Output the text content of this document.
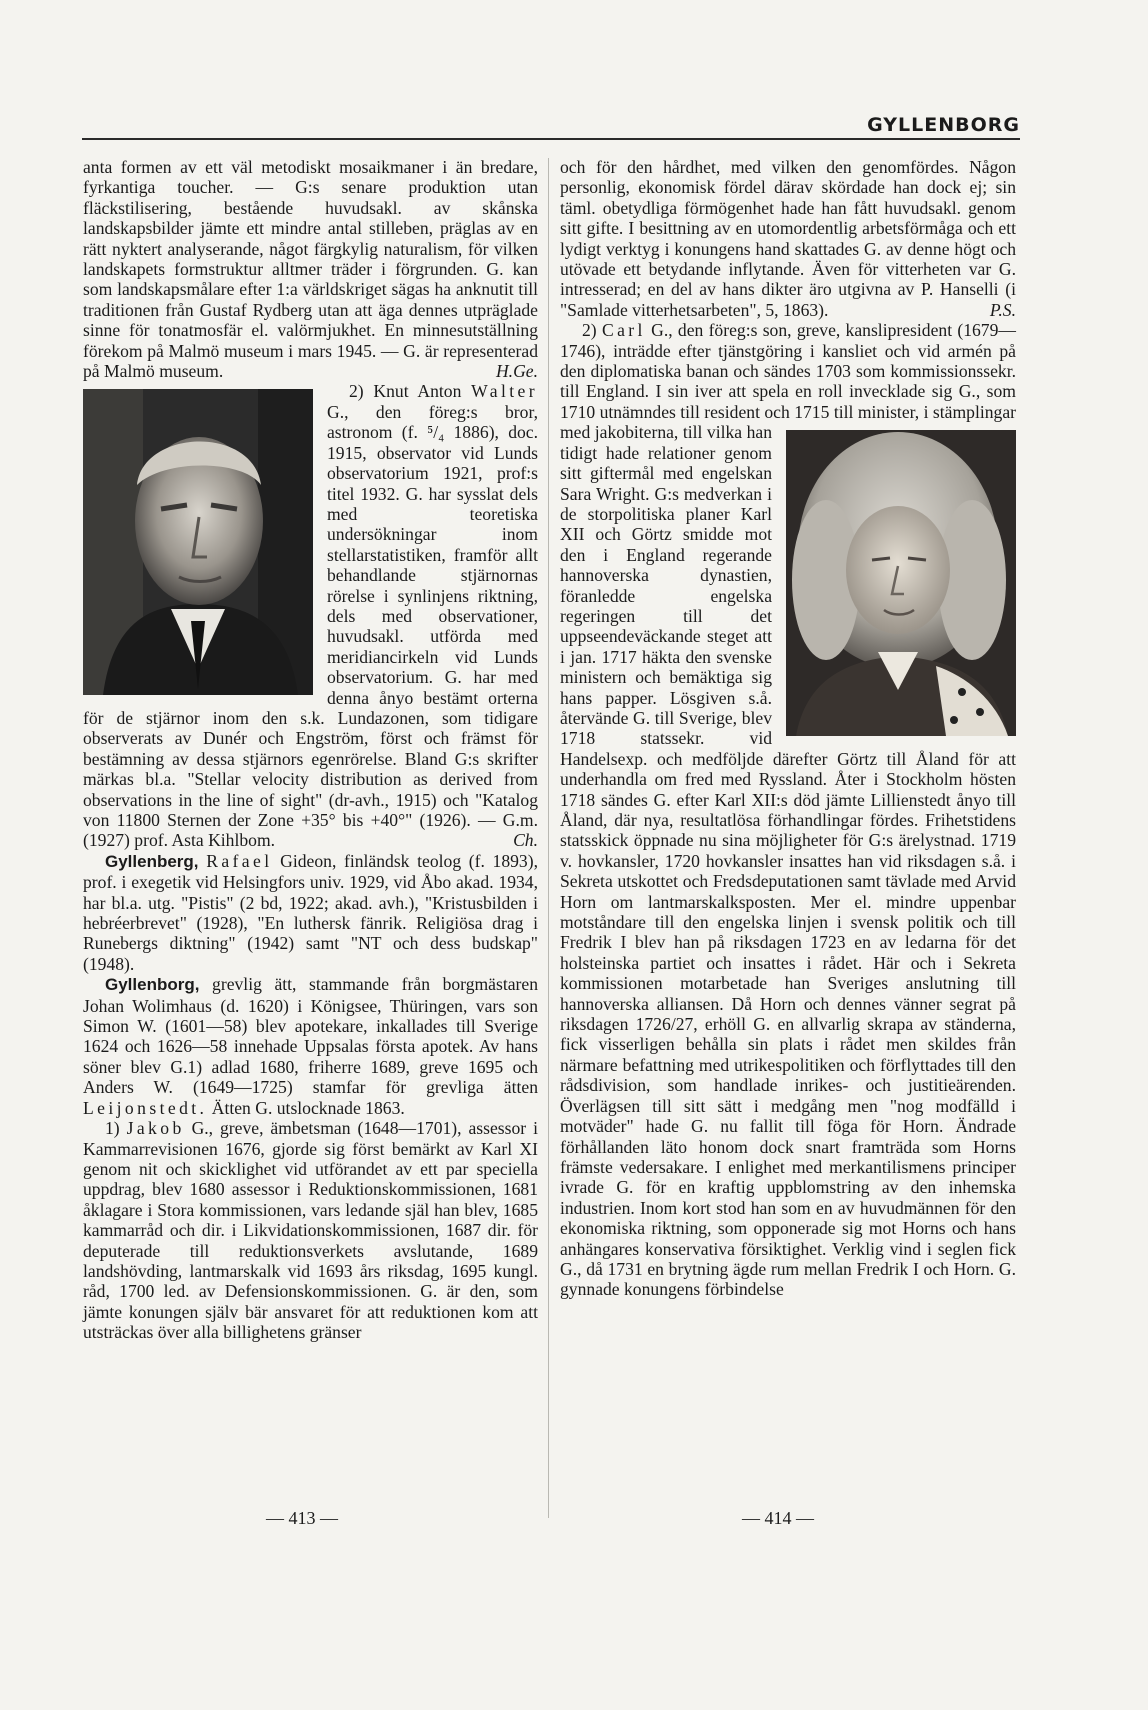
GYLLENBORG

anta formen av ett väl metodiskt mosaikmaner i än bredare, fyrkantiga toucher. — G:s senare produktion utan fläckstilisering, bestående huvudsakl. av skånska landskapsbilder jämte ett mindre antal stilleben, präglas av en rätt nyktert analyserande, något färgkylig naturalism, för vilken landskapets formstruktur alltmer träder i förgrunden. G. kan som landskapsmålare efter 1:a världskriget sägas ha anknutit till traditionen från Gustaf Rydberg utan att äga dennes utpräglade sinne för tonatmosfär el. valörmjukhet. En minnesutställning förekom på Malmö museum i mars 1945. — G. är representerad på Malmö museum.	H.Ge.

2) Knut Anton Walter
G., den föreg:s bror, astronom (f. ⁵/₄ 1886), doc. 1915, observator vid Lunds observatorium 1921, prof:s titel 1932. G. har sysslat dels med teoretiska undersökningar inom stellarstatistiken, framför allt behandlande stjärnornas rörelse i synlinjens riktning, dels med observationer, huvudsakl. utförda med meridiancirkeln vid Lunds observatorium. G. har med denna ånyo bestämt orterna för de stjärnor inom den s.k. Lundazonen, som tidigare observerats av Dunér och Engström, först och främst för bestämning av dessa stjärnors egenrörelse. Bland G:s skrifter märkas bl.a. "Stellar velocity distribution as derived from observations in the line of sight" (dr-avh., 1915) och "Katalog von 11800 Sternen der Zone +35° bis +40°" (1926). — G.m. (1927) prof. Asta Kihlbom.	Ch.

Gyllenberg, Rafael Gideon, finländsk teolog (f. 1893), prof. i exegetik vid Helsingfors univ. 1929, vid Åbo akad. 1934, har bl.a. utg. "Pistis" (2 bd, 1922; akad. avh.), "Kristusbilden i hebréerbrevet" (1928), "En luthersk fänrik. Religiösa drag i Runebergs diktning" (1942) samt "NT och dess budskap" (1948).

Gyllenborg, grevlig ätt, stammande från borgmästaren Johan Wolimhaus (d. 1620) i Königsee, Thüringen, vars son Simon W. (1601—58) blev apotekare, inkallades till Sverige 1624 och 1626—58 innehade Uppsalas första apotek. Av hans söner blev G.1) adlad 1680, friherre 1689, greve 1695 och Anders W. (1649—1725) stamfar för grevliga ätten Leijonstedt. Ätten G. utslocknade 1863.

1) Jakob G., greve, ämbetsman (1648—1701), assessor i Kammarrevisionen 1676, gjorde sig först bemärkt av Karl XI genom nit och skicklighet vid utförandet av ett par speciella uppdrag, blev 1680 assessor i Reduktionskommissionen, 1681 åklagare i Stora kommissionen, vars ledande själ han blev, 1685 kammarråd och dir. i Likvidationskommissionen, 1687 dir. för deputerade till reduktionsverkets avslutande, 1689 landshövding, lantmarskalk vid 1693 års riksdag, 1695 kungl. råd, 1700 led. av Defensionskommissionen. G. är den, som jämte konungen själv bär ansvaret för att reduktionen kom att utsträckas över alla billighetens gränser

och för den hårdhet, med vilken den genomfördes. Någon personlig, ekonomisk fördel därav skördade han dock ej; sin täml. obetydliga förmögenhet hade han fått huvudsakl. genom sitt gifte. I besittning av en utomordentlig arbetsförmåga och ett lydigt verktyg i konungens hand skattades G. av denne högt och utövade ett betydande inflytande. Även för vitterheten var G. intresserad; en del av hans dikter äro utgivna av P. Hanselli (i "Samlade vitterhetsarbeten", 5, 1863).	P.S.

2) Carl G., den föreg:s son, greve, kanslipresident (1679—1746), inträdde efter tjänstgöring i kansliet och vid armén på den diplomatiska banan och sändes 1703 som kommissionssekr. till England. I sin iver att spela en roll invecklade sig G., som 1710 utnämndes till resident och 1715 till minister, i stämplingar med jakobiterna, till vilka han tidigt hade relationer genom sitt giftermål med engelskan Sara Wright. G:s medverkan i de storpolitiska planer Karl XII och Görtz smidde mot den i England regerande hannoverska dynastien, föranledde engelska regeringen till det uppseendeväckande steget att i jan. 1717 häkta den svenske ministern och bemäktiga sig hans papper. Lösgiven s.å. återvände G. till Sverige, blev 1718 statssekr. vid Handelsexp. och medföljde därefter Görtz till Åland för att underhandla om fred med Ryssland. Åter i Stockholm hösten 1718 sändes G. efter Karl XII:s död jämte Lillienstedt ånyo till Åland, där nya, resultatlösa förhandlingar fördes. Frihetstidens statsskick öppnade nu sina möjligheter för G:s ärelystnad. 1719 v. hovkansler, 1720 hovkansler insattes han vid riksdagen s.å. i Sekreta utskottet och Fredsdeputationen samt tävlade med Arvid Horn om lantmarskalksposten. Mer el. mindre uppenbar motståndare till den engelska linjen i svensk politik och till Fredrik I blev han på riksdagen 1723 en av ledarna för det holsteinska partiet och insattes i rådet. Här och i Sekreta kommissionen motarbetade han Sveriges anslutning till hannoverska alliansen. Då Horn och dennes vänner segrat på riksdagen 1726/27, erhöll G. en allvarlig skrapa av ständerna, fick visserligen behålla sin plats i rådet men skildes från närmare befattning med utrikespolitiken och förflyttades till den rådsdivision, som handlade inrikes- och justitieärenden. Överlägsen till sitt sätt i medgång men "nog modfälld i motväder" hade G. nu fallit till föga för Horn. Ändrade förhållanden läto honom dock snart framträda som Horns främste vedersakare. I enlighet med merkantilismens principer ivrade G. för en kraftig uppblomstring av den inhemska industrien. Inom kort stod han som en av huvudmännen för den ekonomiska riktning, som opponerade sig mot Horns och hans anhängares konservativa försiktighet. Verklig vind i seglen fick G., då 1731 en brytning ägde rum mellan Fredrik I och Horn. G. gynnade konungens förbindelse

— 413 —	— 414 —
